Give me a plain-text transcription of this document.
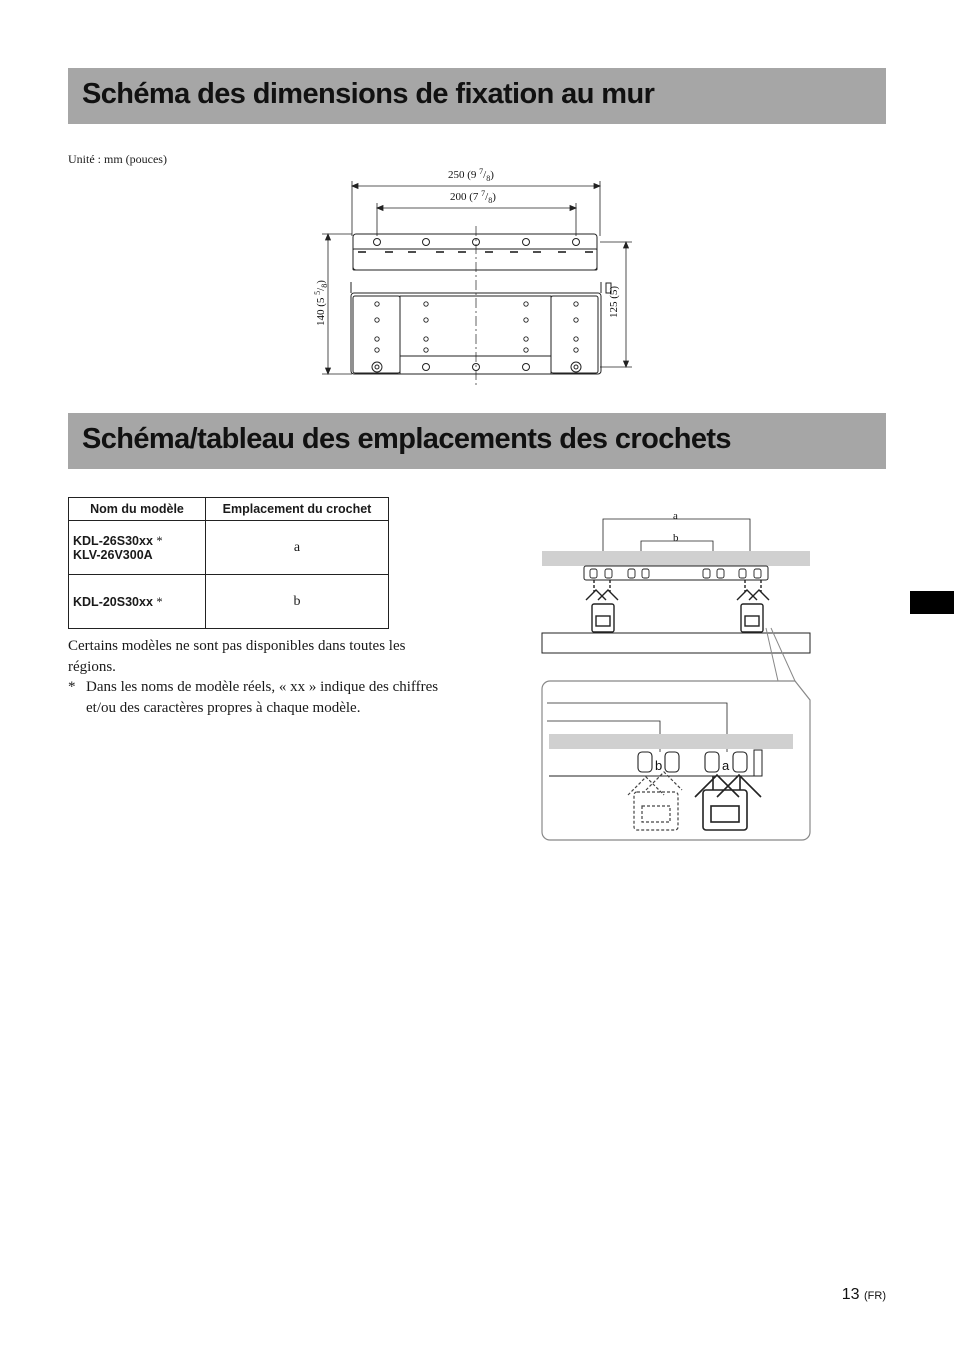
Schéma des dimensions de fixation au mur
Unité : mm (pouces)
250 (9 $^7/_8$)
200 (7 $^7/_8$)
140 (5 $^5/_8$)
125 (5)
Schéma/tableau des emplacements des crochets
Nom du modèle	Emplacement du crochet
KDL-26S30xx *
KLV-26V300A	a
KDL-20S30xx *	b

Certains modèles ne sont pas disponibles dans toutes les régions.

* Dans les noms de modèle réels, « xx » indique des chiffres et/ou des caractères propres à chaque modèle.

a
b
b	a
13 (FR)
